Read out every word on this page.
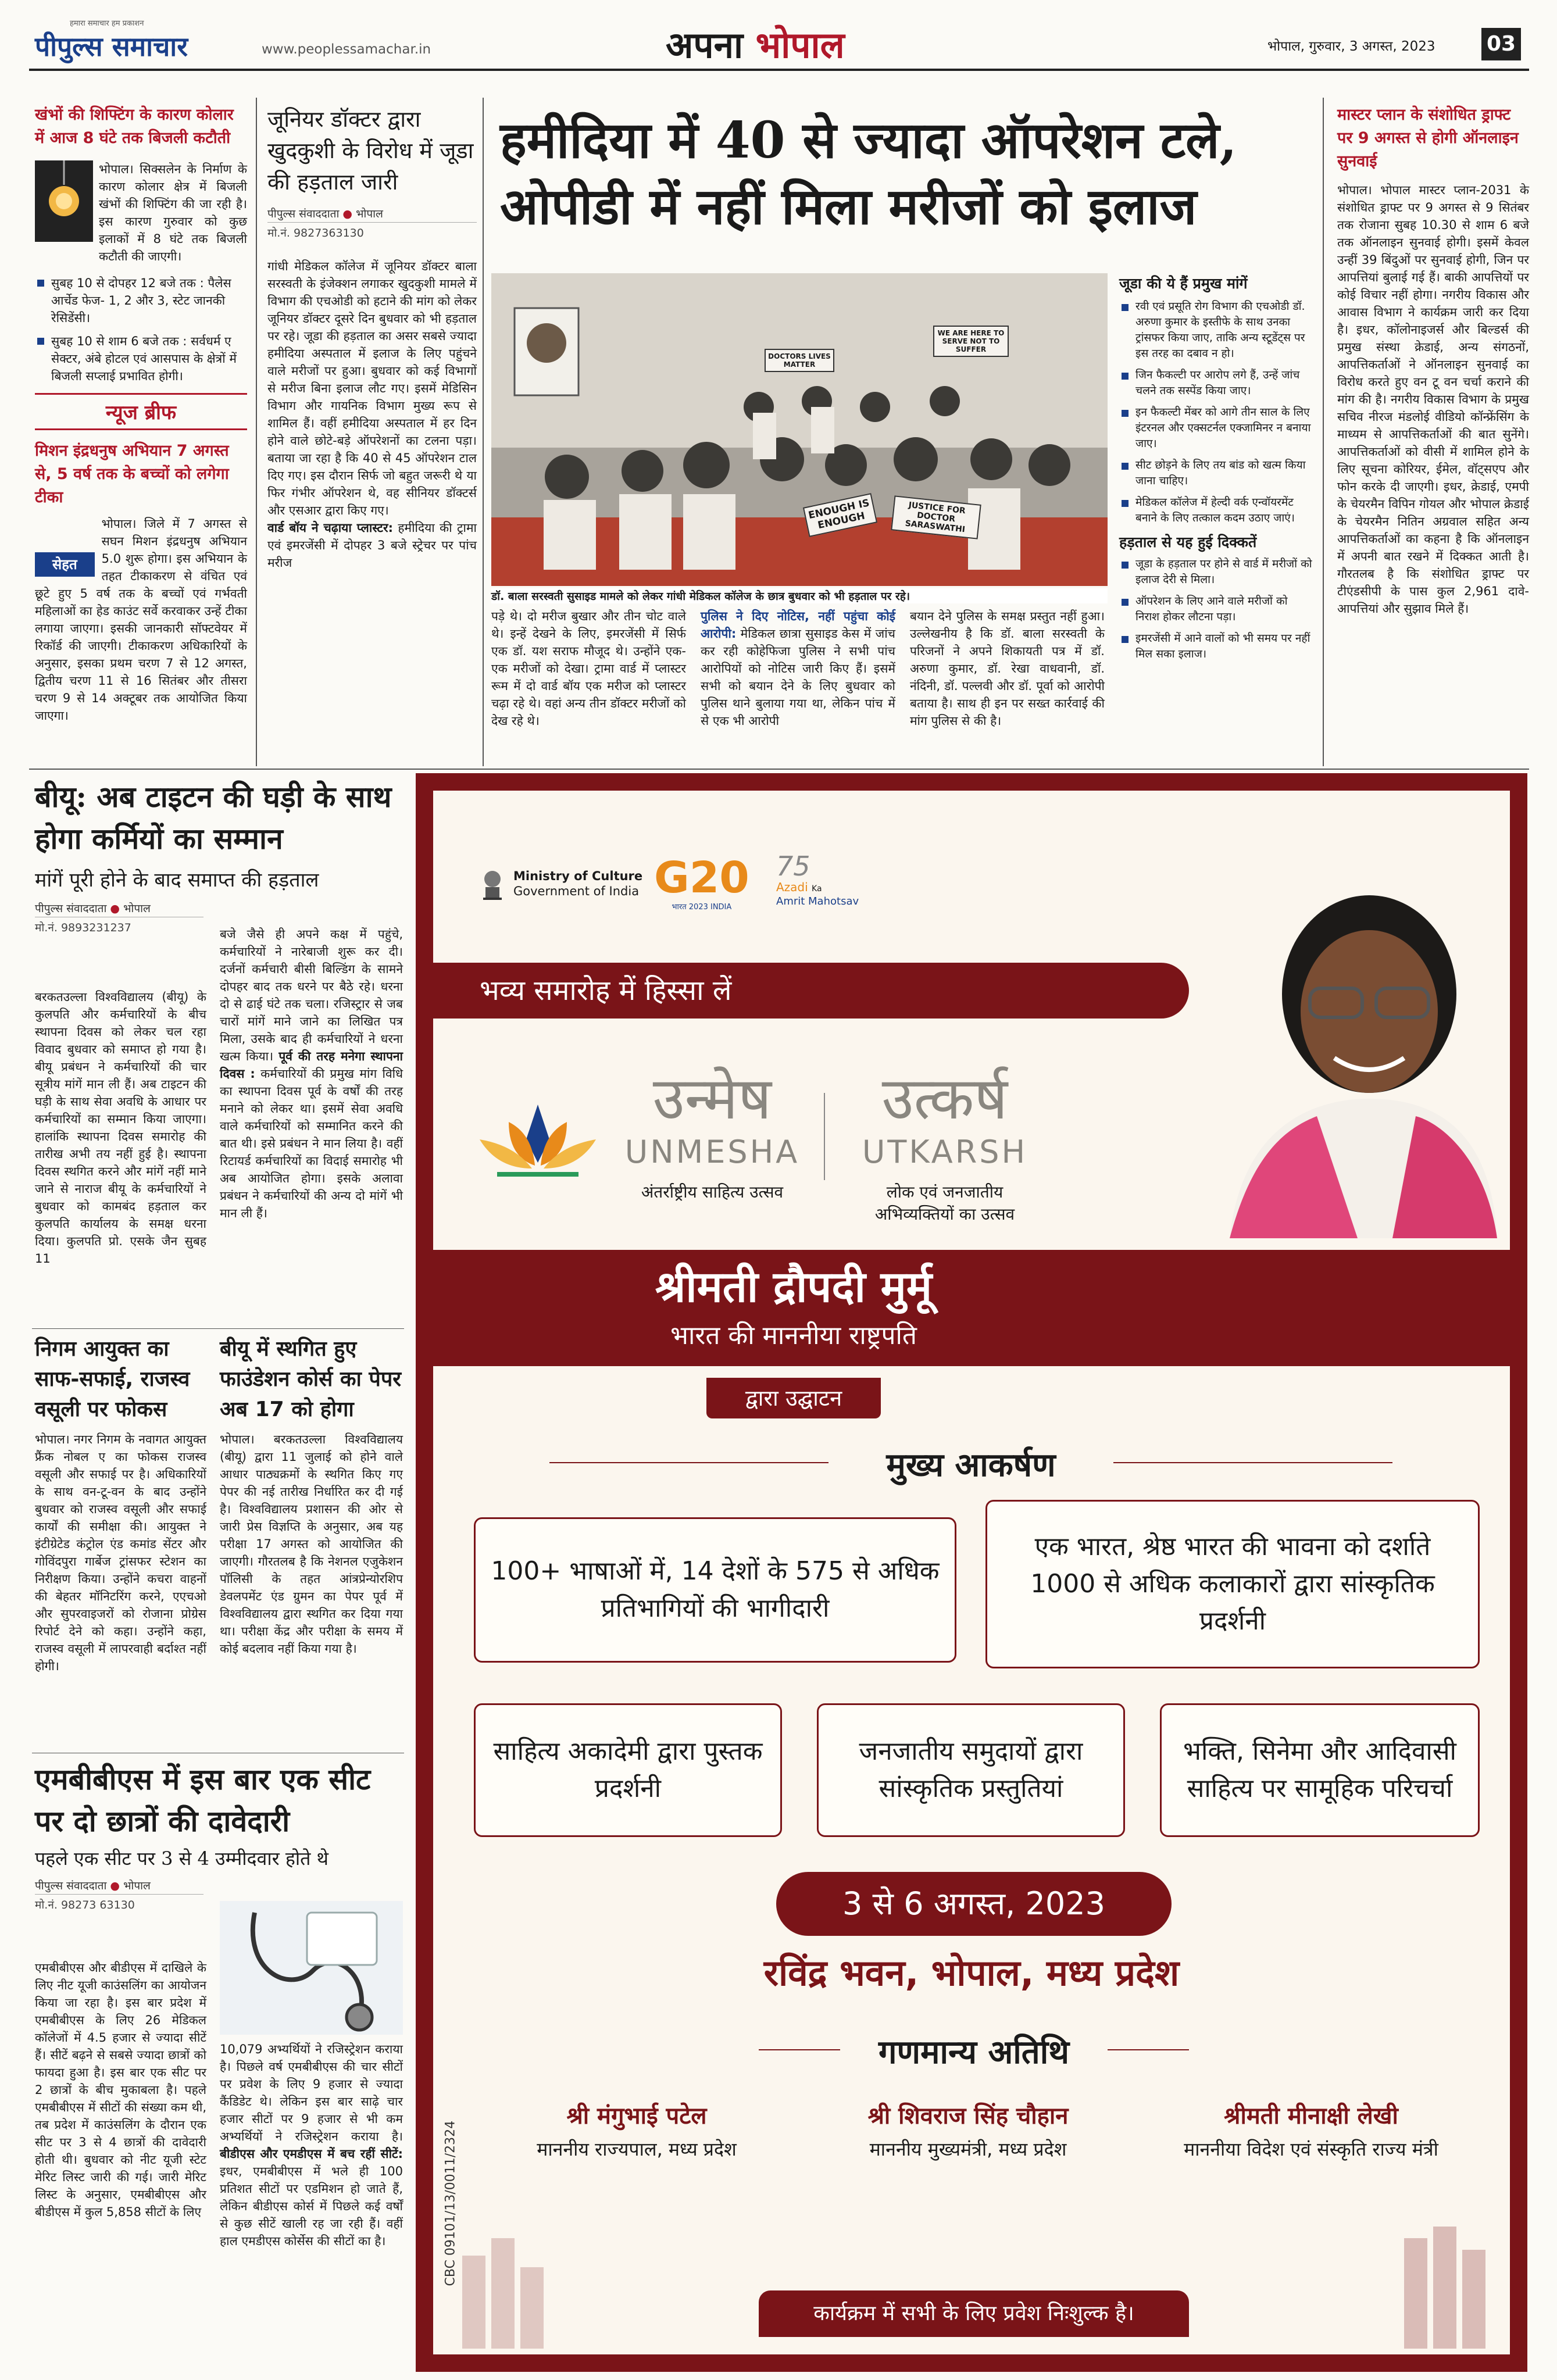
हमारा समाचार हम प्रकाशन
पीपुल्स समाचार	www.peoplessamachar.in	अपना भोपाल	भोपाल, गुरुवार, 3 अगस्त, 2023 03
खंभों की शिफ्टिंग के कारण कोलार में आज 8 घंटे तक बिजली कटौती
भोपाल। सिक्सलेन के निर्माण के कारण कोलार क्षेत्र में बिजली खंभों की शिफ्टिंग की जा रही है। इस कारण गुरुवार को कुछ इलाकों में 8 घंटे तक बिजली कटौती की जाएगी।
सुबह 10 से दोपहर 12 बजे तक : पैलेस आर्चेड फेज- 1, 2 और 3, स्टेट जानकी रेसिडेंसी।
सुबह 10 से शाम 6 बजे तक : सर्वधर्म ए सेक्टर, अंबे होटल एवं आसपास के क्षेत्रों में बिजली सप्लाई प्रभावित होगी।
न्यूज ब्रीफ
मिशन इंद्रधनुष अभियान 7 अगस्त से, 5 वर्ष तक के बच्चों को लगेगा टीका
सेहत
भोपाल। जिले में 7 अगस्त से सघन मिशन इंद्रधनुष अभियान 5.0 शुरू होगा। इस अभियान के तहत टीकाकरण से वंचित एवं छूटे हुए 5 वर्ष तक के बच्चों एवं गर्भवती महिलाओं का हेड काउंट सर्वे करवाकर उन्हें टीका लगाया जाएगा। इसकी जानकारी सॉफ्टवेयर में रिकॉर्ड की जाएगी। टीकाकरण अधिकारियों के अनुसार, इसका प्रथम चरण 7 से 12 अगस्त, द्वितीय चरण 11 से 16 सितंबर और तीसरा चरण 9 से 14 अक्टूबर तक आयोजित किया जाएगा।
जूनियर डॉक्टर द्वारा खुदकुशी के विरोध में जूडा की हड़ताल जारी
पीपुल्स संवाददाता ● भोपाल
मो.नं. 9827363130
गांधी मेडिकल कॉलेज में जूनियर डॉक्टर बाला सरस्वती के इंजेक्शन लगाकर खुदकुशी मामले में विभाग की एचओडी को हटाने की मांग को लेकर जूनियर डॉक्टर दूसरे दिन बुधवार को भी हड़ताल पर रहे। जूडा की हड़ताल का असर सबसे ज्यादा हमीदिया अस्पताल में इलाज के लिए पहुंचने वाले मरीजों पर हुआ। बुधवार को कई विभागों से मरीज बिना इलाज लौट गए। इसमें मेडिसिन विभाग और गायनिक विभाग मुख्य रूप से शामिल हैं। वहीं हमीदिया अस्पताल में हर दिन होने वाले छोटे-बड़े ऑपरेशनों का टलना पड़ा। बताया जा रहा है कि 40 से 45 ऑपरेशन टाल दिए गए। इस दौरान सिर्फ जो बहुत जरूरी थे या फिर गंभीर ऑपरेशन थे, वह सीनियर डॉक्टर्स और एसआर द्वारा किए गए।
वार्ड बॉय ने चढ़ाया प्लास्टर: हमीदिया की ट्रामा एवं इमरजेंसी में दोपहर 3 बजे स्ट्रेचर पर पांच मरीज
हमीदिया में 40 से ज्यादा ऑपरेशन टले,
ओपीडी में नहीं मिला मरीजों को इलाज
ENOUGH IS ENOUGH
JUSTICE FOR DOCTOR SARASWATHI
WE ARE HERE TO SERVE NOT TO SUFFER
DOCTORS LIVES MATTER
डॉ. बाला सरस्वती सुसाइड मामले को लेकर गांधी मेडिकल कॉलेज के छात्र बुधवार को भी हड़ताल पर रहे।
जूडा की ये हैं प्रमुख मांगें
रवी एवं प्रसूति रोग विभाग की एचओडी डॉ. अरुणा कुमार के इस्तीफे के साथ उनका ट्रांसफर किया जाए, ताकि अन्य स्टूडेंट्स पर इस तरह का दबाव न हो।
जिन फैकल्टी पर आरोप लगे हैं, उन्हें जांच चलने तक सस्पेंड किया जाए।
इन फैकल्टी मेंबर को आगे तीन साल के लिए इंटरनल और एक्सटर्नल एक्जामिनर न बनाया जाए।
सीट छोड़ने के लिए तय बांड को खत्म किया जाना चाहिए।
मेडिकल कॉलेज में हेल्दी वर्क एन्वॉयरमेंट बनाने के लिए तत्काल कदम उठाए जाएं।
हड़ताल से यह हुई दिक्कतें
जूडा के हड़ताल पर होने से वार्ड में मरीजों को इलाज देरी से मिला।
ऑपरेशन के लिए आने वाले मरीजों को निराश होकर लौटना पड़ा।
इमरजेंसी में आने वालों को भी समय पर नहीं मिल सका इलाज।
पड़े थे। दो मरीज बुखार और तीन चोट वाले थे। इन्हें देखने के लिए, इमरजेंसी में सिर्फ एक डॉ. यश सराफ मौजूद थे। उन्होंने एक-एक मरीजों को देखा। ट्रामा वार्ड में प्लास्टर रूम में दो वार्ड बॉय एक मरीज को प्लास्टर चढ़ा रहे थे। वहां अन्य तीन डॉक्टर मरीजों को देख रहे थे।
पुलिस ने दिए नोटिस, नहीं पहुंचा कोई आरोपी: मेडिकल छात्रा सुसाइड केस में जांच कर रही कोहेफिजा पुलिस ने सभी पांच आरोपियों को नोटिस जारी किए हैं। इसमें सभी को बयान देने के लिए बुधवार को पुलिस थाने बुलाया गया था, लेकिन पांच में से एक भी आरोपी
बयान देने पुलिस के समक्ष प्रस्तुत नहीं हुआ। उल्लेखनीय है कि डॉ. बाला सरस्वती के परिजनों ने अपने शिकायती पत्र में डॉ. अरुणा कुमार, डॉ. रेखा वाधवानी, डॉ. नंदिनी, डॉ. पल्लवी और डॉ. पूर्वा को आरोपी बताया है। साथ ही इन पर सख्त कार्रवाई की मांग पुलिस से की है।
मास्टर प्लान के संशोधित ड्राफ्ट पर 9 अगस्त से होगी ऑनलाइन सुनवाई
भोपाल। भोपाल मास्टर प्लान-2031 के संशोधित ड्राफ्ट पर 9 अगस्त से 9 सितंबर तक रोजाना सुबह 10.30 से शाम 6 बजे तक ऑनलाइन सुनवाई होगी। इसमें केवल उन्हीं 39 बिंदुओं पर सुनवाई होगी, जिन पर आपत्तियां बुलाई गई हैं। बाकी आपत्तियों पर कोई विचार नहीं होगा। नगरीय विकास और आवास विभाग ने कार्यक्रम जारी कर दिया है। इधर, कॉलोनाइजर्स और बिल्डर्स की प्रमुख संस्था क्रेडाई, अन्य संगठनों, आपत्तिकर्ताओं ने ऑनलाइन सुनवाई का विरोध करते हुए वन टू वन चर्चा कराने की मांग की है। नगरीय विकास विभाग के प्रमुख सचिव नीरज मंडलोई वीडियो कॉन्फ्रेंसिंग के माध्यम से आपत्तिकर्ताओं की बात सुनेंगे। आपत्तिकर्ताओं को वीसी में शामिल होने के लिए सूचना कोरियर, ईमेल, वॉट्सएप और फोन करके दी जाएगी। इधर, क्रेडाई, एमपी के चेयरमैन विपिन गोयल और भोपाल क्रेडाई के चेयरमैन नितिन अग्रवाल सहित अन्य आपत्तिकर्ताओं का कहना है कि ऑनलाइन में अपनी बात रखने में दिक्कत आती है। गौरतलब है कि संशोधित ड्राफ्ट पर टीएंडसीपी के पास कुल 2,961 दावे-आपत्तियां और सुझाव मिले हैं।
बीयू: अब टाइटन की घड़ी के साथ होगा कर्मियों का सम्मान
मांगें पूरी होने के बाद समाप्त की हड़ताल
पीपुल्स संवाददाता ● भोपाल
मो.नं. 9893231237
बरकतउल्ला विश्वविद्यालय (बीयू) के कुलपति और कर्मचारियों के बीच स्थापना दिवस को लेकर चल रहा विवाद बुधवार को समाप्त हो गया है। बीयू प्रबंधन ने कर्मचारियों की चार सूत्रीय मांगें मान ली हैं। अब टाइटन की घड़ी के साथ सेवा अवधि के आधार पर कर्मचारियों का सम्मान किया जाएगा। हालांकि स्थापना दिवस समारोह की तारीख अभी तय नहीं हुई है। स्थापना दिवस स्थगित करने और मांगें नहीं माने जाने से नाराज बीयू के कर्मचारियों ने बुधवार को कामबंद हड़ताल कर कुलपति कार्यालय के समक्ष धरना दिया। कुलपति प्रो. एसके जैन सुबह 11
बजे जैसे ही अपने कक्ष में पहुंचे, कर्मचारियों ने नारेबाजी शुरू कर दी। दर्जनों कर्मचारी बीसी बिल्डिंग के सामने दोपहर बाद तक धरने पर बैठे रहे। धरना दो से ढाई घंटे तक चला। रजिस्ट्रार से जब चारों मांगें माने जाने का लिखित पत्र मिला, उसके बाद ही कर्मचारियों ने धरना खत्म किया। पूर्व की तरह मनेगा स्थापना दिवस : कर्मचारियों की प्रमुख मांग विधि का स्थापना दिवस पूर्व के वर्षों की तरह मनाने को लेकर था। इसमें सेवा अवधि वाले कर्मचारियों को सम्मानित करने की बात थी। इसे प्रबंधन ने मान लिया है। वहीं रिटायर्ड कर्मचारियों का विदाई समारोह भी अब आयोजित होगा। इसके अलावा प्रबंधन ने कर्मचारियों की अन्य दो मांगें भी मान ली हैं।
निगम आयुक्त का साफ-सफाई, राजस्व वसूली पर फोकस
भोपाल। नगर निगम के नवागत आयुक्त फ्रैंक नोबल ए का फोकस राजस्व वसूली और सफाई पर है। अधिकारियों के साथ वन-टू-वन के बाद उन्होंने बुधवार को राजस्व वसूली और सफाई कार्यों की समीक्षा की। आयुक्त ने इंटीग्रेटेड कंट्रोल एंड कमांड सेंटर और गोविंदपुरा गार्बेज ट्रांसफर स्टेशन का निरीक्षण किया। उन्होंने कचरा वाहनों की बेहतर मॉनिटरिंग करने, एएचओ और सुपरवाइजरों को रोजाना प्रोग्रेस रिपोर्ट देने को कहा। उन्होंने कहा, राजस्व वसूली में लापरवाही बर्दाश्त नहीं होगी।
बीयू में स्थगित हुए फाउंडेशन कोर्स का पेपर अब 17 को होगा
भोपाल। बरकतउल्ला विश्वविद्यालय (बीयू) द्वारा 11 जुलाई को होने वाले आधार पाठ्यक्रमों के स्थगित किए गए पेपर की नई तारीख निर्धारित कर दी गई है। विश्वविद्यालय प्रशासन की ओर से जारी प्रेस विज्ञप्ति के अनुसार, अब यह परीक्षा 17 अगस्त को आयोजित की जाएगी। गौरतलब है कि नेशनल एजुकेशन पॉलिसी के तहत आंत्रप्रेन्योरशिप डेवलपमेंट एंड ग्रुमन का पेपर पूर्व में विश्वविद्यालय द्वारा स्थगित कर दिया गया था। परीक्षा केंद्र और परीक्षा के समय में कोई बदलाव नहीं किया गया है।
एमबीबीएस में इस बार एक सीट पर दो छात्रों की दावेदारी
पहले एक सीट पर 3 से 4 उम्मीदवार होते थे
पीपुल्स संवाददाता ● भोपाल
मो.नं. 98273 63130
एमबीबीएस और बीडीएस में दाखिले के लिए नीट यूजी काउंसलिंग का आयोजन किया जा रहा है। इस बार प्रदेश में एमबीबीएस के लिए 26 मेडिकल कॉलेजों में 4.5 हजार से ज्यादा सीटें हैं। सीटें बढ़ने से सबसे ज्यादा छात्रों को फायदा हुआ है। इस बार एक सीट पर 2 छात्रों के बीच मुकाबला है। पहले एमबीबीएस में सीटों की संख्या कम थी, तब प्रदेश में काउंसलिंग के दौरान एक सीट पर 3 से 4 छात्रों की दावेदारी होती थी। बुधवार को नीट यूजी स्टेट मेरिट लिस्ट जारी की गई। जारी मेरिट लिस्ट के अनुसार, एमबीबीएस और बीडीएस में कुल 5,858 सीटों के लिए
10,079 अभ्यर्थियों ने रजिस्ट्रेशन कराया है। पिछले वर्ष एमबीबीएस की चार सीटों पर प्रवेश के लिए 9 हजार से ज्यादा कैंडिडेट थे। लेकिन इस बार साढ़े चार हजार सीटों पर 9 हजार से भी कम अभ्यर्थियों ने रजिस्ट्रेशन कराया है। बीडीएस और एमडीएस में बच रहीं सीटें: इधर, एमबीबीएस में भले ही 100 प्रतिशत सीटों पर एडमिशन हो जाते हैं, लेकिन बीडीएस कोर्स में पिछले कई वर्षों से कुछ सीटें खाली रह जा रही हैं। वहीं हाल एमडीएस कोर्सेस की सीटों का है।
Ministry of Culture
Government of India G20
भारत 2023 INDIA
75
Azadi Ka
Amrit Mahotsav
भव्य समारोह में हिस्सा लें
उन्मेष
UNMESHA
अंतर्राष्ट्रीय साहित्य उत्सव
उत्कर्ष
UTKARSH
लोक एवं जनजातीय
अभिव्यक्तियों का उत्सव
श्रीमती द्रौपदी मुर्मू
भारत की माननीया राष्ट्रपति
द्वारा उद्घाटन
मुख्य आकर्षण
100+ भाषाओं में, 14 देशों के 575 से अधिक प्रतिभागियों की भागीदारी
एक भारत, श्रेष्ठ भारत की भावना को दर्शाते 1000 से अधिक कलाकारों द्वारा सांस्कृतिक प्रदर्शनी
साहित्य अकादेमी द्वारा पुस्तक प्रदर्शनी
जनजातीय समुदायों द्वारा सांस्कृतिक प्रस्तुतियां
भक्ति, सिनेमा और आदिवासी साहित्य पर सामूहिक परिचर्चा
3 से 6 अगस्त, 2023
रविंद्र भवन, भोपाल, मध्य प्रदेश
गणमान्य अतिथि
श्री मंगुभाई पटेल
माननीय राज्यपाल, मध्य प्रदेश
श्री शिवराज सिंह चौहान
माननीय मुख्यमंत्री, मध्य प्रदेश
श्रीमती मीनाक्षी लेखी
माननीया विदेश एवं संस्कृति राज्य मंत्री
CBC 09101/13/0011/2324
कार्यक्रम में सभी के लिए प्रवेश निःशुल्क है।
